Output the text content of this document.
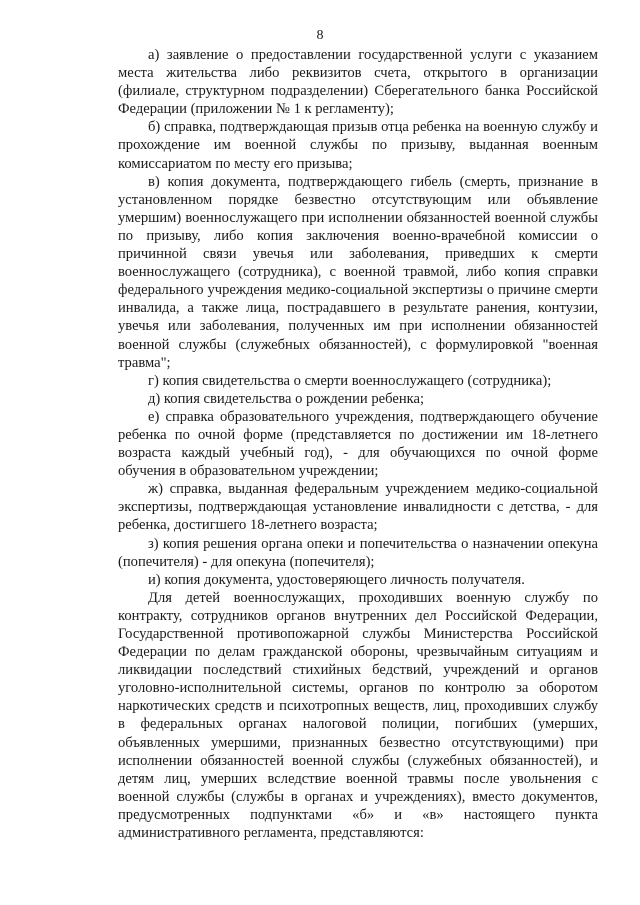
8

а) заявление о предоставлении государственной услуги с указанием места жительства либо реквизитов счета, открытого в организации (филиале, структурном подразделении) Сберегательного банка Российской Федерации (приложении № 1 к регламенту);

б) справка, подтверждающая призыв отца ребенка на военную службу и прохождение им военной службы по призыву, выданная военным комиссариатом по месту его призыва;

в) копия документа, подтверждающего гибель (смерть, признание в установленном порядке безвестно отсутствующим или объявление умершим) военнослужащего при исполнении обязанностей военной службы по призыву, либо копия заключения военно-врачебной комиссии о причинной связи увечья или заболевания, приведших к смерти военнослужащего (сотрудника), с военной травмой, либо копия справки федерального учреждения медико-социальной экспертизы о причине смерти инвалида, а также лица, пострадавшего в результате ранения, контузии, увечья или заболевания, полученных им при исполнении обязанностей военной службы (служебных обязанностей), с формулировкой "военная травма";

г) копия свидетельства о смерти военнослужащего (сотрудника);

д) копия свидетельства о рождении ребенка;

е) справка образовательного учреждения, подтверждающего обучение ребенка по очной форме (представляется по достижении им 18-летнего возраста каждый учебный год), - для обучающихся по очной форме обучения в образовательном учреждении;

ж) справка, выданная федеральным учреждением медико-социальной экспертизы, подтверждающая установление инвалидности с детства, - для ребенка, достигшего 18-летнего возраста;

з) копия решения органа опеки и попечительства о назначении опекуна (попечителя) - для опекуна (попечителя);

и) копия документа, удостоверяющего личность получателя.

Для детей военнослужащих, проходивших военную службу по контракту, сотрудников органов внутренних дел Российской Федерации, Государственной противопожарной службы Министерства Российской Федерации по делам гражданской обороны, чрезвычайным ситуациям и ликвидации последствий стихийных бедствий, учреждений и органов уголовно-исполнительной системы, органов по контролю за оборотом наркотических средств и психотропных веществ, лиц, проходивших службу в федеральных органах налоговой полиции, погибших (умерших, объявленных умершими, признанных безвестно отсутствующими) при исполнении обязанностей военной службы (служебных обязанностей), и детям лиц, умерших вследствие военной травмы после увольнения с военной службы (службы в органах и учреждениях), вместо документов, предусмотренных подпунктами «б» и «в» настоящего пункта административного регламента, представляются:
